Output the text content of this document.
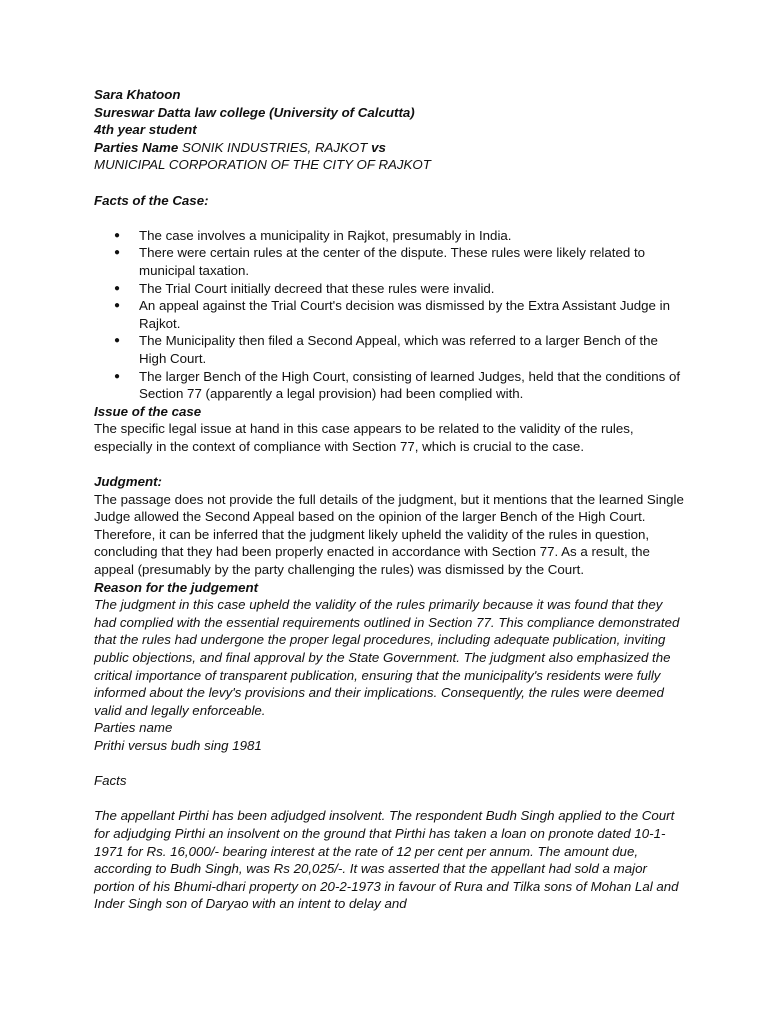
Sara Khatoon
Sureswar Datta law college (University of Calcutta)
4th year student
Parties Name SONIK INDUSTRIES, RAJKOT vs
MUNICIPAL CORPORATION OF THE CITY OF RAJKOT
Facts of the Case:
● The case involves a municipality in Rajkot, presumably in India.
● There were certain rules at the center of the dispute. These rules were likely related to municipal taxation.
● The Trial Court initially decreed that these rules were invalid.
● An appeal against the Trial Court's decision was dismissed by the Extra Assistant Judge in Rajkot.
● The Municipality then filed a Second Appeal, which was referred to a larger Bench of the High Court.
● The larger Bench of the High Court, consisting of learned Judges, held that the conditions of Section 77 (apparently a legal provision) had been complied with.
Issue of the case

The specific legal issue at hand in this case appears to be related to the validity of the rules, especially in the context of compliance with Section 77, which is crucial to the case.

Judgment:

The passage does not provide the full details of the judgment, but it mentions that the learned Single Judge allowed the Second Appeal based on the opinion of the larger Bench of the High Court. Therefore, it can be inferred that the judgment likely upheld the validity of the rules in question, concluding that they had been properly enacted in accordance with Section 77. As a result, the appeal (presumably by the party challenging the rules) was dismissed by the Court.

Reason for the judgement

The judgment in this case upheld the validity of the rules primarily because it was found that they had complied with the essential requirements outlined in Section 77. This compliance demonstrated that the rules had undergone the proper legal procedures, including adequate publication, inviting public objections, and final approval by the State Government. The judgment also emphasized the critical importance of transparent publication, ensuring that the municipality's residents were fully informed about the levy's provisions and their implications. Consequently, the rules were deemed valid and legally enforceable.

Parties name
Prithi versus budh sing 1981
Facts

The appellant Pirthi has been adjudged insolvent. The respondent Budh Singh applied to the Court for adjudging Pirthi an insolvent on the ground that Pirthi has taken a loan on pronote dated 10-1-1971 for Rs. 16,000/- bearing interest at the rate of 12 per cent per annum. The amount due, according to Budh Singh, was Rs 20,025/-. It was asserted that the appellant had sold a major portion of his Bhumi-dhari property on 20-2-1973 in favour of Rura and Tilka sons of Mohan Lal and Inder Singh son of Daryao with an intent to delay and
